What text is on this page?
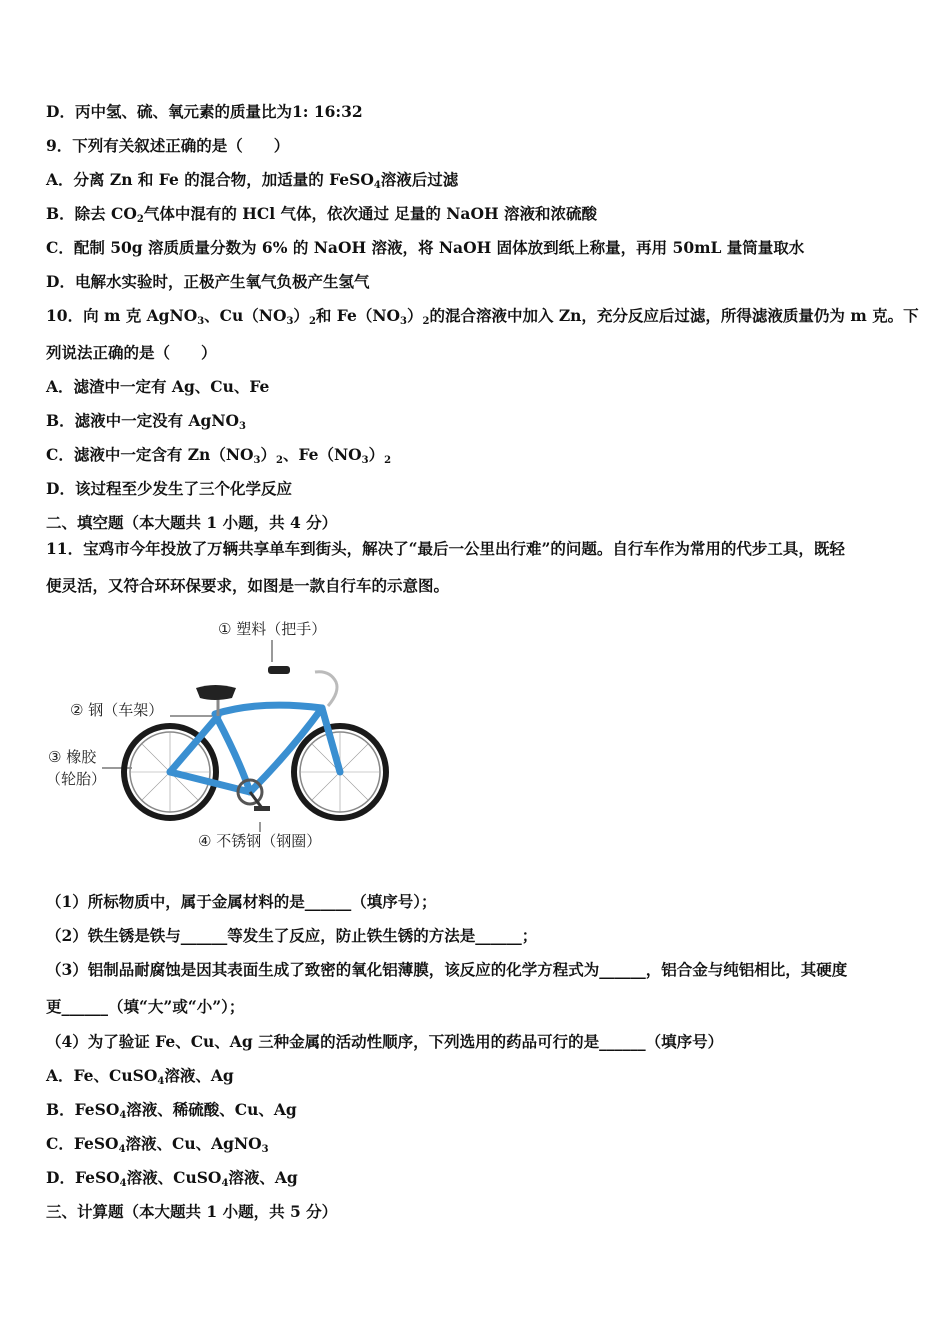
D．丙中氢、硫、氧元素的质量比为1: 16:32
9．下列有关叙述正确的是（　　）
A．分离 Zn 和 Fe 的混合物，加适量的 FeSO$_4$溶液后过滤
B．除去 $CO_2$气体中混有的 HCl 气体，依次通过 足量的 NaOH 溶液和浓硫酸
C．配制 50g 溶质质量分数为 6% 的 NaOH 溶液，将 NaOH 固体放到纸上称量，再用 50mL 量筒量取水
D．电解水实验时，正极产生氧气负极产生氢气
10．向 m 克 AgNO$_3$、$Cu(NO_3)_2$和 $Fe(NO_3)_2$的混合溶液中加入 Zn，充分反应后过滤，所得滤液质量仍为 m 克。下
列说法正确的是（　　）
A．滤渣中一定有 Ag、Cu、Fe
B．滤液中一定没有 AgNO$_3$
C．滤液中一定含有 $Zn(NO_3)_2$、$Fe(NO_3)_2$
D．该过程至少发生了三个化学反应
二、填空题（本大题共 1 小题，共 4 分）
11．宝鸡市今年投放了万辆共享单车到街头，解决了“最后一公里出行难”的问题。自行车作为常用的代步工具，既轻
便灵活，又符合环环保要求，如图是一款自行车的示意图。
① 塑料（把手）
② 钢（车架）
③ 橡胶
（轮胎）
④ 不锈钢（钢圈）
（1）所标物质中，属于金属材料的是______（填序号）；
（2）铁生锈是铁与______等发生了反应，防止铁生锈的方法是______；
（3）铝制品耐腐蚀是因其表面生成了致密的氧化铝薄膜，该反应的化学方程式为______，铝合金与纯铝相比，其硬度
更______（填“大”或“小”）；
（4）为了验证 Fe、Cu、Ag 三种金属的活动性顺序，下列选用的药品可行的是______（填序号）
A．Fe、CuSO$_4$溶液、Ag
B．FeSO$_4$溶液、稀硫酸、Cu、Ag
C．FeSO$_4$溶液、Cu、AgNO$_3$
D．FeSO$_4$溶液、CuSO$_4$溶液、Ag
三、计算题（本大题共 1 小题，共 5 分）
